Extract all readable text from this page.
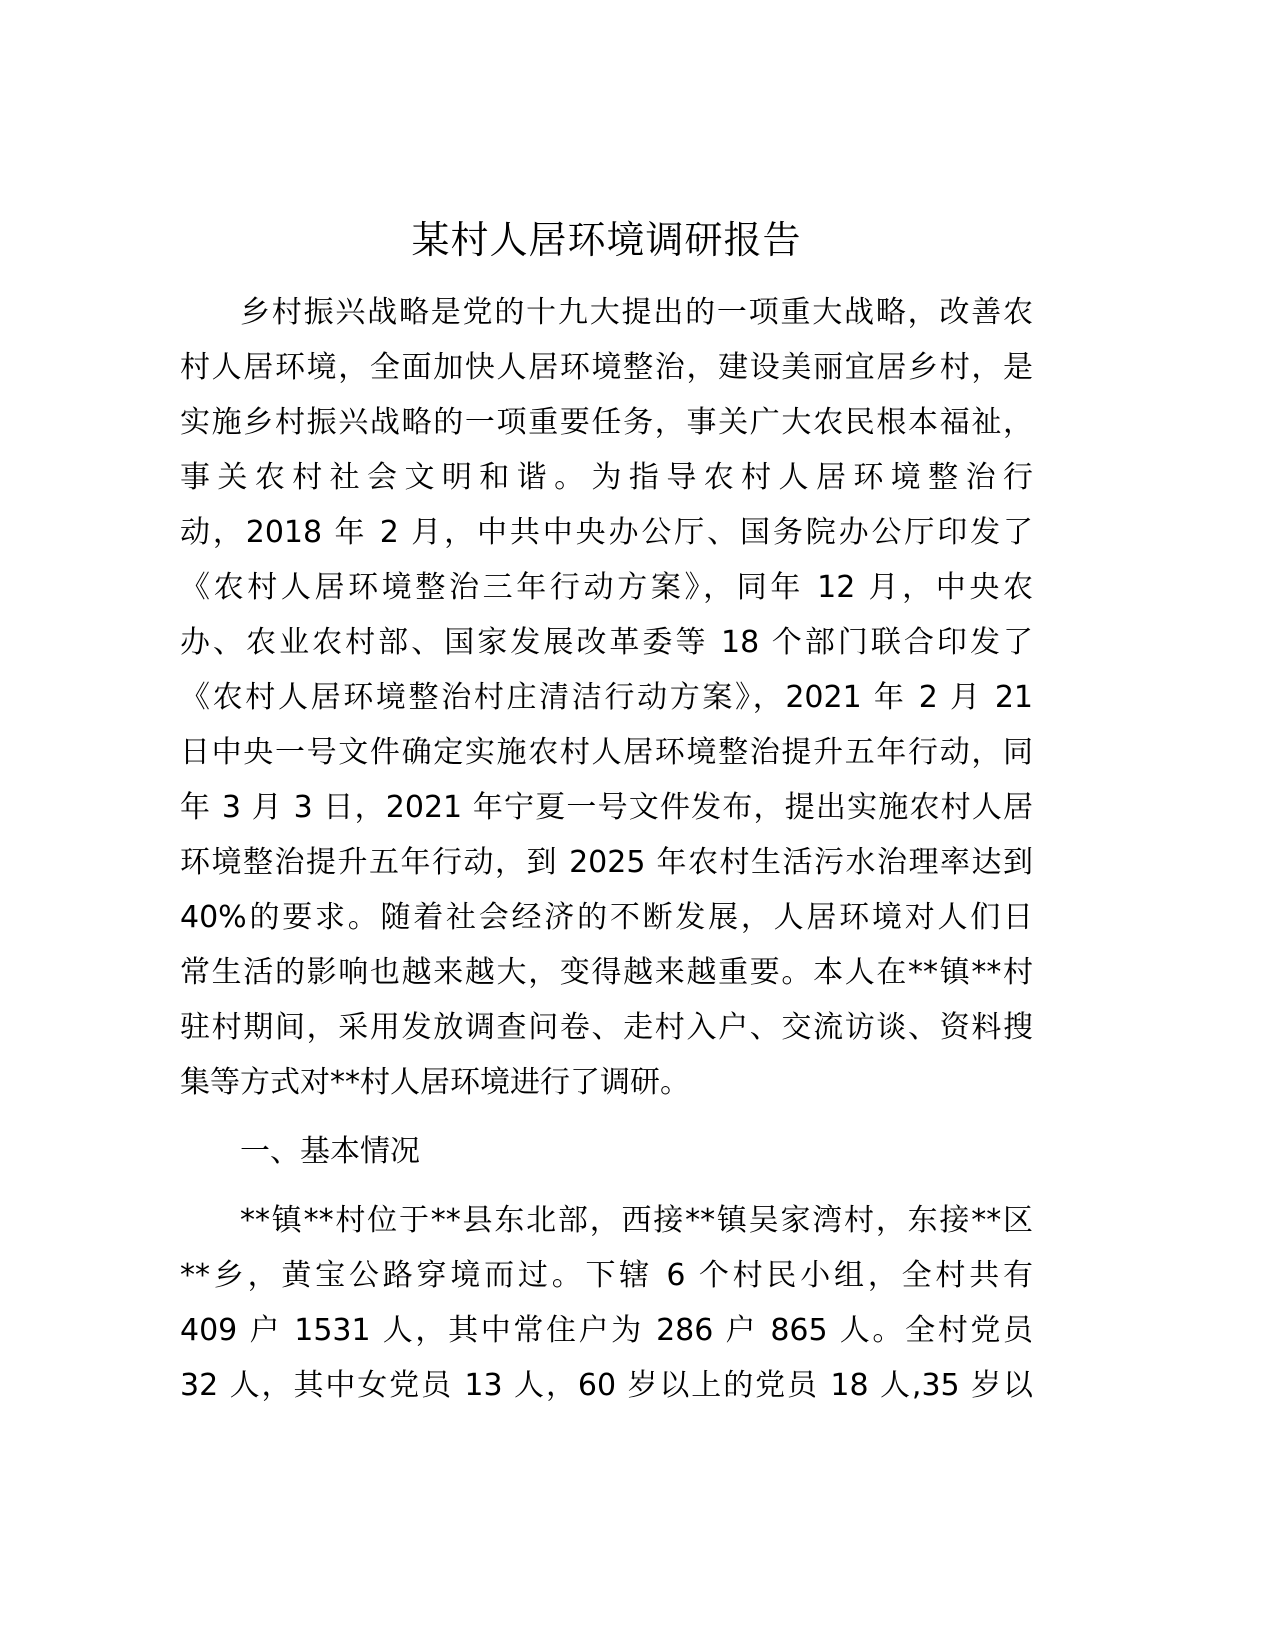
某村人居环境调研报告
乡村振兴战略是党的十九大提出的一项重大战略，改善农
村人居环境，全面加快人居环境整治，建设美丽宜居乡村，是
实施乡村振兴战略的一项重要任务，事关广大农民根本福祉，
事关农村社会文明和谐。为指导农村人居环境整治行
动，2018 年 2 月，中共中央办公厅、国务院办公厅印发了
《农村人居环境整治三年行动方案》，同年 12 月，中央农
办、农业农村部、国家发展改革委等 18 个部门联合印发了
《农村人居环境整治村庄清洁行动方案》，2021 年 2 月 21
日中央一号文件确定实施农村人居环境整治提升五年行动，同
年 3 月 3 日，2021 年宁夏一号文件发布，提出实施农村人居
环境整治提升五年行动，到 2025 年农村生活污水治理率达到
40%的要求。随着社会经济的不断发展，人居环境对人们日
常生活的影响也越来越大，变得越来越重要。本人在**镇**村
驻村期间，采用发放调查问卷、走村入户、交流访谈、资料搜
集等方式对**村人居环境进行了调研。
一、基本情况
**镇**村位于**县东北部，西接**镇吴家湾村，东接**区
**乡，黄宝公路穿境而过。下辖 6 个村民小组，全村共有
409 户 1531 人，其中常住户为 286 户 865 人。全村党员
32 人，其中女党员 13 人，60 岁以上的党员 18 人,35 岁以
